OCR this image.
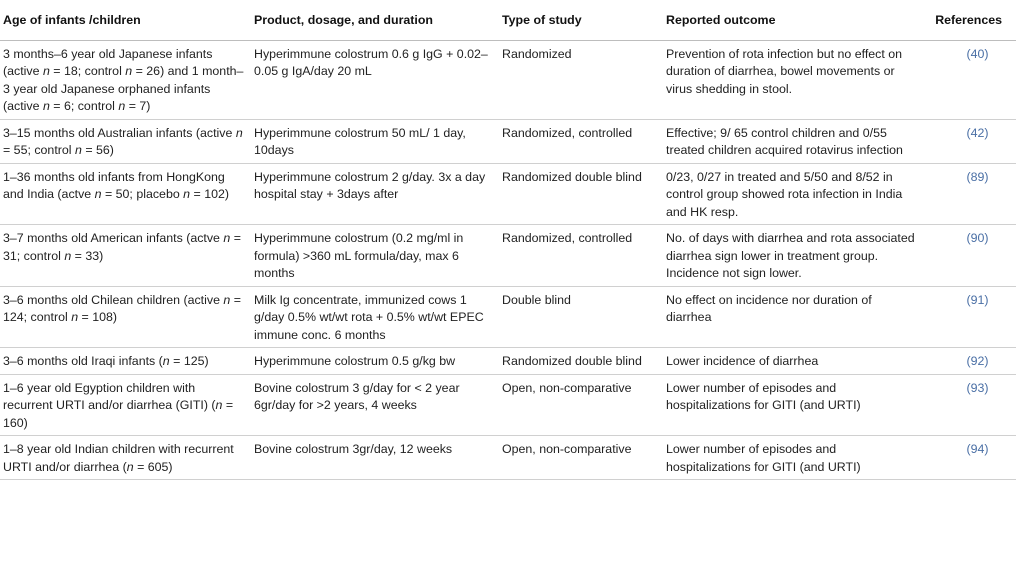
Age of infants /children	Product, dosage, and duration	Type of study	Reported outcome	References
3 months–6 year old Japanese infants (active n = 18; control n = 26) and 1 month–3 year old Japanese orphaned infants (active n = 6; control n = 7)	Hyperimmune colostrum 0.6 g IgG + 0.02–0.05 g IgA/day 20 mL	Randomized	Prevention of rota infection but no effect on duration of diarrhea, bowel movements or virus shedding in stool.	(40)
3–15 months old Australian infants (active n = 55; control n = 56)	Hyperimmune colostrum 50 mL/ 1 day, 10days	Randomized, controlled	Effective; 9/ 65 control children and 0/55 treated children acquired rotavirus infection	(42)
1–36 months old infants from HongKong and India (actve n = 50; placebo n = 102)	Hyperimmune colostrum 2 g/day. 3x a day hospital stay + 3days after	Randomized double blind	0/23, 0/27 in treated and 5/50 and 8/52 in control group showed rota infection in India and HK resp.	(89)
3–7 months old American infants (actve n = 31; control n = 33)	Hyperimmune colostrum (0.2 mg/ml in formula) >360 mL formula/day, max 6 months	Randomized, controlled	No. of days with diarrhea and rota associated diarrhea sign lower in treatment group. Incidence not sign lower.	(90)
3–6 months old Chilean children (active n = 124; control n = 108)	Milk Ig concentrate, immunized cows 1 g/day 0.5% wt/wt rota + 0.5% wt/wt EPEC immune conc. 6 months	Double blind	No effect on incidence nor duration of diarrhea	(91)
3–6 months old Iraqi infants (n = 125)	Hyperimmune colostrum 0.5 g/kg bw	Randomized double blind	Lower incidence of diarrhea	(92)
1–6 year old Egyption children with recurrent URTI and/or diarrhea (GITI) (n = 160)	Bovine colostrum 3 g/day for < 2 year 6gr/day for >2 years, 4 weeks	Open, non-comparative	Lower number of episodes and hospitalizations for GITI (and URTI)	(93)
1–8 year old Indian children with recurrent URTI and/or diarrhea (n = 605)	Bovine colostrum 3gr/day, 12 weeks	Open, non-comparative	Lower number of episodes and hospitalizations for GITI (and URTI)	(94)
